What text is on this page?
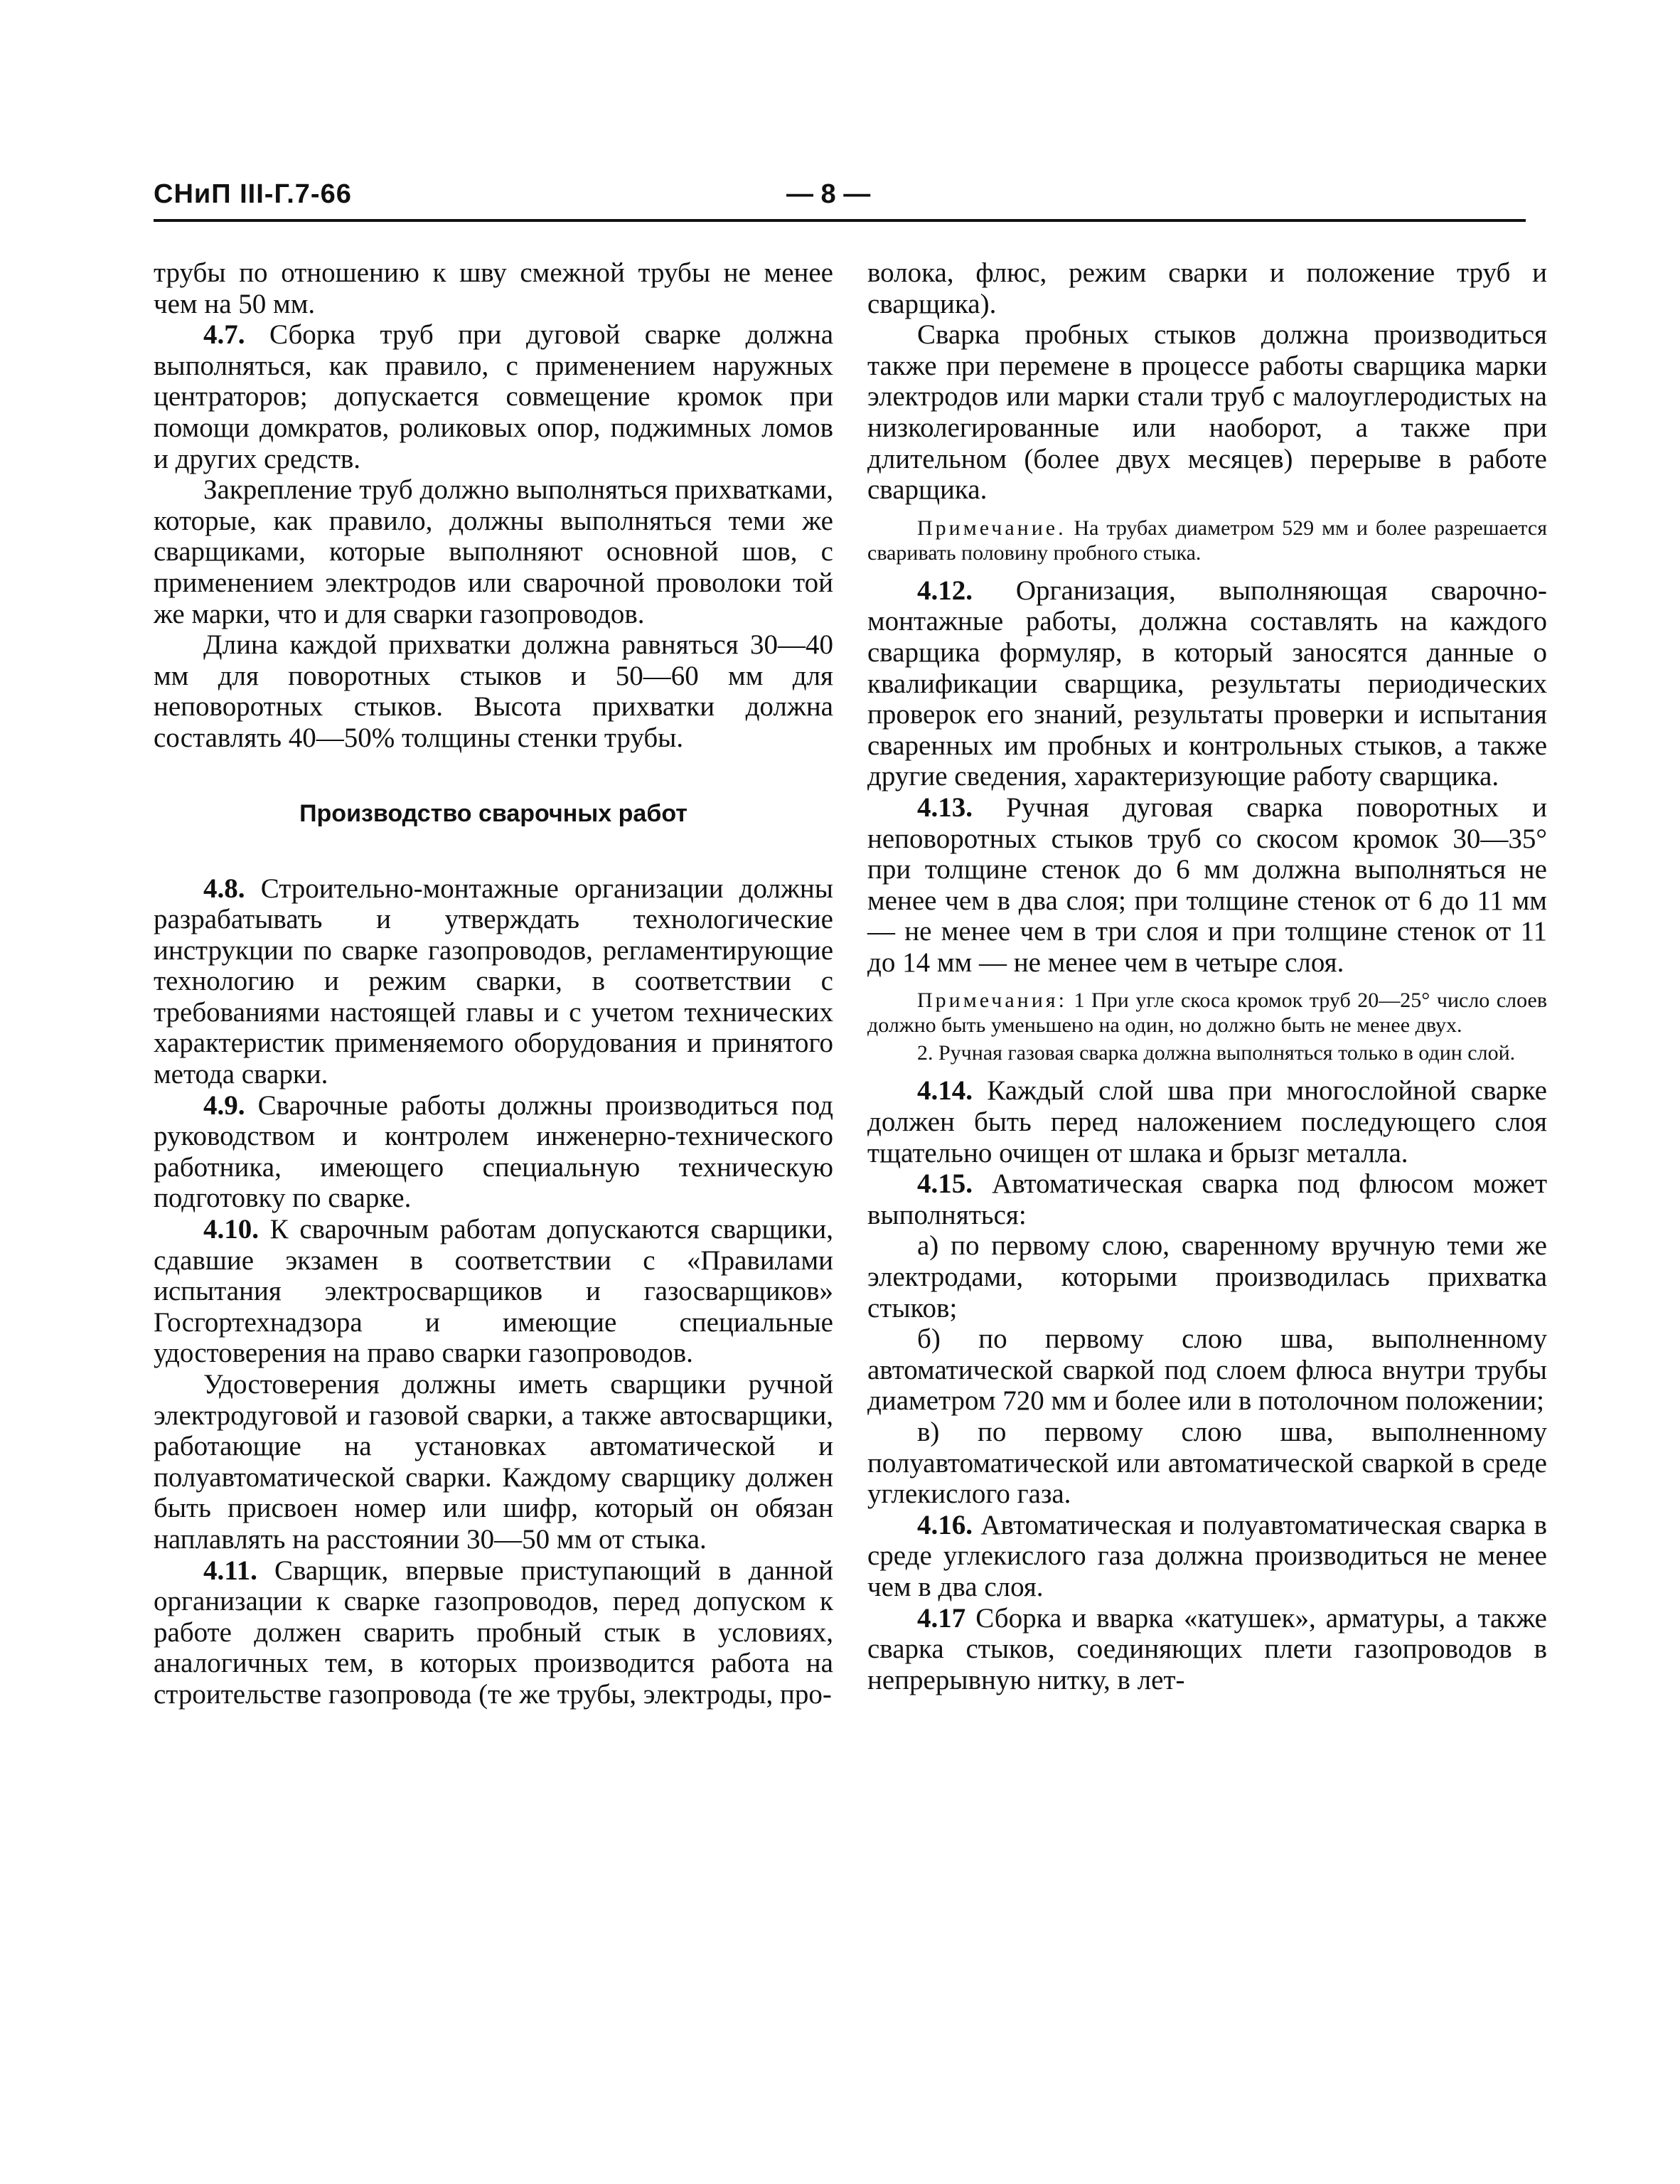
СНиП III-Г.7-66	— 8 —

трубы по отношению к шву смежной трубы не менее чем на 50 мм.

4.7. Сборка труб при дуговой сварке должна выполняться, как правило, с применением наружных центраторов; допускается совмещение кромок при помощи домкратов, роликовых опор, поджимных ломов и других средств.

Закрепление труб должно выполняться прихватками, которые, как правило, должны выполняться теми же сварщиками, которые выполняют основной шов, с применением электродов или сварочной проволоки той же марки, что и для сварки газопроводов.

Длина каждой прихватки должна равняться 30—40 мм для поворотных стыков и 50—60 мм для неповоротных стыков. Высота прихватки должна составлять 40—50% толщины стенки трубы.

Производство сварочных работ

4.8. Строительно-монтажные организации должны разрабатывать и утверждать технологические инструкции по сварке газопроводов, регламентирующие технологию и режим сварки, в соответствии с требованиями настоящей главы и с учетом технических характеристик применяемого оборудования и принятого метода сварки.

4.9. Сварочные работы должны производиться под руководством и контролем инженерно-технического работника, имеющего специальную техническую подготовку по сварке.

4.10. К сварочным работам допускаются сварщики, сдавшие экзамен в соответствии с «Правилами испытания электросварщиков и газосварщиков» Госгортехнадзора и имеющие специальные удостоверения на право сварки газопроводов.

Удостоверения должны иметь сварщики ручной электродуговой и газовой сварки, а также автосварщики, работающие на установках автоматической и полуавтоматической сварки. Каждому сварщику должен быть присвоен номер или шифр, который он обязан наплавлять на расстоянии 30—50 мм от стыка.

4.11. Сварщик, впервые приступающий в данной организации к сварке газопроводов, перед допуском к работе должен сварить пробный стык в условиях, аналогичных тем, в которых производится работа на строительстве газопровода (те же трубы, электроды, про-

волока, флюс, режим сварки и положение труб и сварщика).

Сварка пробных стыков должна производиться также при перемене в процессе работы сварщика марки электродов или марки стали труб с малоуглеродистых на низколегированные или наоборот, а также при длительном (более двух месяцев) перерыве в работе сварщика.

Примечание. На трубах диаметром 529 мм и более разрешается сваривать половину пробного стыка.

4.12. Организация, выполняющая сварочно-монтажные работы, должна составлять на каждого сварщика формуляр, в который заносятся данные о квалификации сварщика, результаты периодических проверок его знаний, результаты проверки и испытания сваренных им пробных и контрольных стыков, а также другие сведения, характеризующие работу сварщика.

4.13. Ручная дуговая сварка поворотных и неповоротных стыков труб со скосом кромок 30—35° при толщине стенок до 6 мм должна выполняться не менее чем в два слоя; при толщине стенок от 6 до 11 мм — не менее чем в три слоя и при толщине стенок от 11 до 14 мм — не менее чем в четыре слоя.

Примечания: 1 При угле скоса кромок труб 20—25° число слоев должно быть уменьшено на один, но должно быть не менее двух.

2. Ручная газовая сварка должна выполняться только в один слой.

4.14. Каждый слой шва при многослойной сварке должен быть перед наложением последующего слоя тщательно очищен от шлака и брызг металла.

4.15. Автоматическая сварка под флюсом может выполняться:

а) по первому слою, сваренному вручную теми же электродами, которыми производилась прихватка стыков;

б) по первому слою шва, выполненному автоматической сваркой под слоем флюса внутри трубы диаметром 720 мм и более или в потолочном положении;

в) по первому слою шва, выполненному полуавтоматической или автоматической сваркой в среде углекислого газа.

4.16. Автоматическая и полуавтоматическая сварка в среде углекислого газа должна производиться не менее чем в два слоя.

4.17 Сборка и вварка «катушек», арматуры, а также сварка стыков, соединяющих плети газопроводов в непрерывную нитку, в лет-
